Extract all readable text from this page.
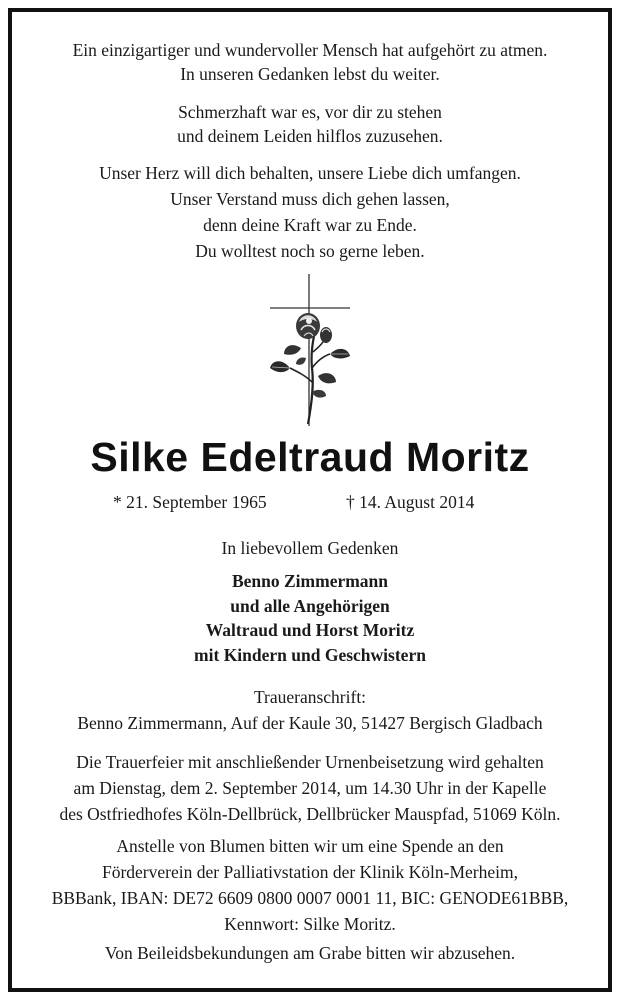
Ein einzigartiger und wundervoller Mensch hat aufgehört zu atmen.
In unseren Gedanken lebst du weiter.
Schmerzhaft war es, vor dir zu stehen
und deinem Leiden hilflos zuzusehen.
Unser Herz will dich behalten, unsere Liebe dich umfangen.
Unser Verstand muss dich gehen lassen,
denn deine Kraft war zu Ende.
Du wolltest noch so gerne leben.
Silke Edeltraud Moritz
* 21. September 1965	† 14. August 2014
In liebevollem Gedenken
Benno Zimmermann
und alle Angehörigen
Waltraud und Horst Moritz
mit Kindern und Geschwistern
Traueranschrift:
Benno Zimmermann, Auf der Kaule 30, 51427 Bergisch Gladbach
Die Trauerfeier mit anschließender Urnenbeisetzung wird gehalten
am Dienstag, dem 2. September 2014, um 14.30 Uhr in der Kapelle
des Ostfriedhofes Köln-Dellbrück, Dellbrücker Mauspfad, 51069 Köln.
Anstelle von Blumen bitten wir um eine Spende an den
Förderverein der Palliativstation der Klinik Köln-Merheim,
BBBank, IBAN: DE72 6609 0800 0007 0001 11, BIC: GENODE61BBB,
Kennwort: Silke Moritz.
Von Beileidsbekundungen am Grabe bitten wir abzusehen.
